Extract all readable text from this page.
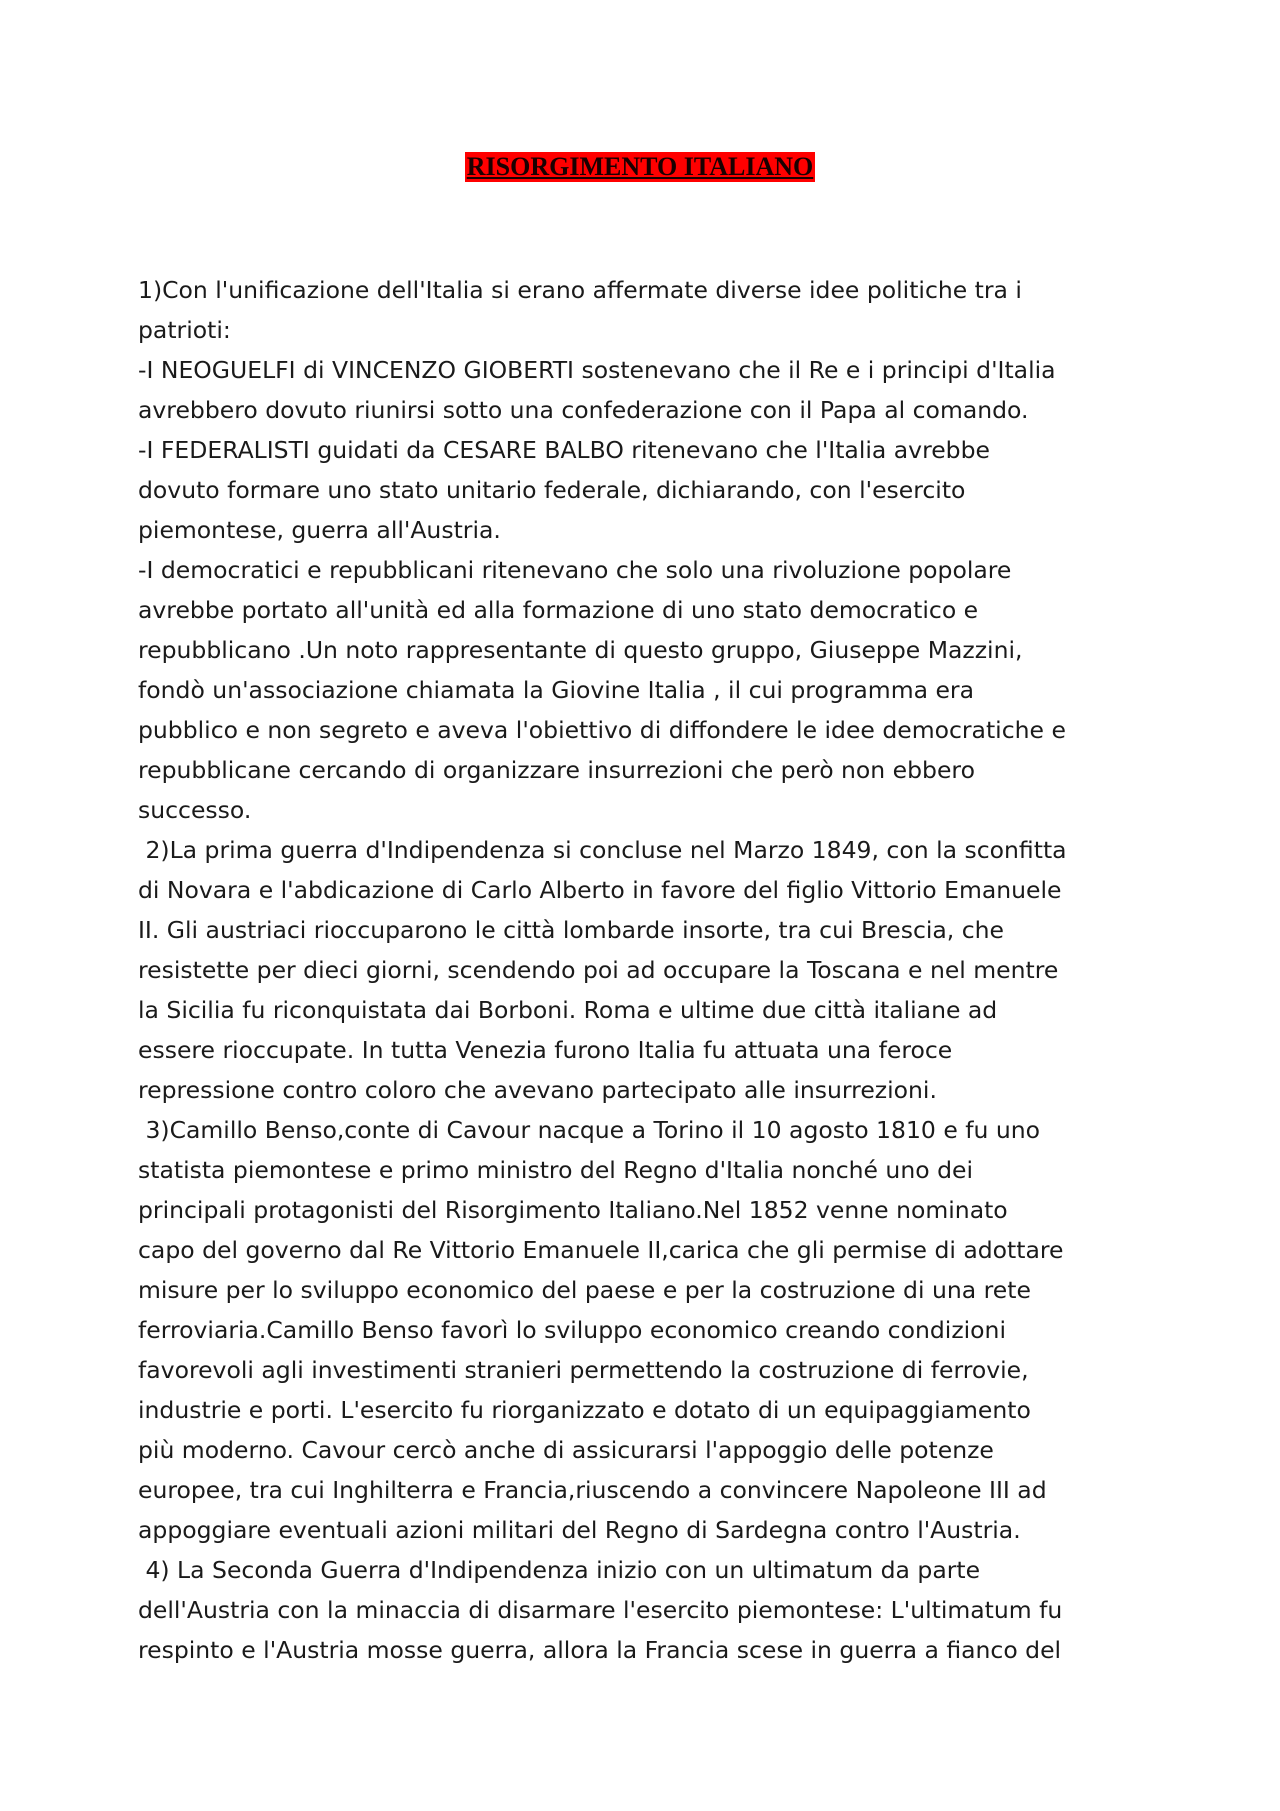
RISORGIMENTO ITALIANO
1)Con l'unificazione dell'Italia si erano affermate diverse idee politiche tra i
patrioti:
-I NEOGUELFI di VINCENZO GIOBERTI sostenevano che il Re e i principi d'Italia
avrebbero dovuto riunirsi sotto una confederazione con il Papa al comando.
-I FEDERALISTI guidati da CESARE BALBO ritenevano che l'Italia avrebbe
dovuto formare uno stato unitario federale, dichiarando, con l'esercito
piemontese, guerra all'Austria.
-I democratici e repubblicani ritenevano che solo una rivoluzione popolare
avrebbe portato all'unità ed alla formazione di uno stato democratico e
repubblicano .Un noto rappresentante di questo gruppo, Giuseppe Mazzini,
fondò un'associazione chiamata la Giovine Italia , il cui programma era
pubblico e non segreto e aveva l'obiettivo di diffondere le idee democratiche e
repubblicane cercando di organizzare insurrezioni che però non ebbero
successo.
2)La prima guerra d'Indipendenza si concluse nel Marzo 1849, con la sconfitta
di Novara e l'abdicazione di Carlo Alberto in favore del figlio Vittorio Emanuele
II. Gli austriaci rioccuparono le città lombarde insorte, tra cui Brescia, che
resistette per dieci giorni, scendendo poi ad occupare la Toscana e nel mentre
la Sicilia fu riconquistata dai Borboni. Roma e ultime due città italiane ad
essere rioccupate. In tutta Venezia furono Italia fu attuata una feroce
repressione contro coloro che avevano partecipato alle insurrezioni.
3)Camillo Benso,conte di Cavour nacque a Torino il 10 agosto 1810 e fu uno
statista piemontese e primo ministro del Regno d'Italia nonché uno dei
principali protagonisti del Risorgimento Italiano.Nel 1852 venne nominato
capo del governo dal Re Vittorio Emanuele II,carica che gli permise di adottare
misure per lo sviluppo economico del paese e per la costruzione di una rete
ferroviaria.Camillo Benso favorì lo sviluppo economico creando condizioni
favorevoli agli investimenti stranieri permettendo la costruzione di ferrovie,
industrie e porti. L'esercito fu riorganizzato e dotato di un equipaggiamento
più moderno. Cavour cercò anche di assicurarsi l'appoggio delle potenze
europee, tra cui Inghilterra e Francia,riuscendo a convincere Napoleone III ad
appoggiare eventuali azioni militari del Regno di Sardegna contro l'Austria.
4) La Seconda Guerra d'Indipendenza inizio con un ultimatum da parte
dell'Austria con la minaccia di disarmare l'esercito piemontese: L'ultimatum fu
respinto e l'Austria mosse guerra, allora la Francia scese in guerra a fianco del
